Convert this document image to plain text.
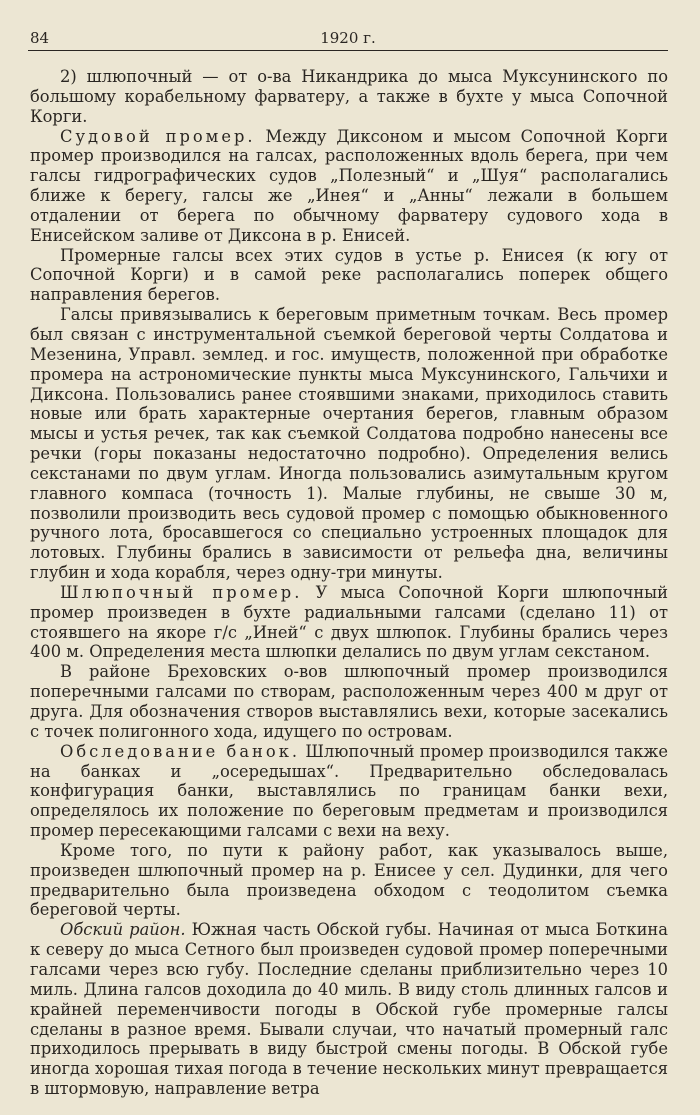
84	1920 г.

2) шлюпочный — от о-ва Никандрика до мыса Муксунинского по большому корабельному фарватеру, а также в бухте у мыса Сопочной Корги.

Судовой промер. Между Диксоном и мысом Сопочной Корги промер производился на галсах, расположенных вдоль берега, при чем галсы гидрографических судов „Полезный“ и „Шуя“ располагались ближе к берегу, галсы же „Инея“ и „Анны“ лежали в большем отдалении от берега по обычному фарватеру судового хода в Енисейском заливе от Диксона в р. Енисей.

Промерные галсы всех этих судов в устье р. Енисея (к югу от Сопочной Корги) и в самой реке располагались поперек общего направления берегов.

Галсы привязывались к береговым приметным точкам. Весь промер был связан с инструментальной съемкой береговой черты Солдатова и Мезенина, Управл. землед. и гос. имуществ, положенной при обработке промера на астрономические пункты мыса Муксунинского, Гальчихи и Диксона. Пользовались ранее стоявшими знаками, приходилось ставить новые или брать характерные очертания берегов, главным образом мысы и устья речек, так как съемкой Солдатова подробно нанесены все речки (горы показаны недостаточно подробно). Определения велись секстанами по двум углам. Иногда пользовались азимутальным кругом главного компаса (точность 1). Малые глубины, не свыше 30 м, позволили производить весь судовой промер с помощью обыкновенного ручного лота, бросавшегося со специально устроенных площадок для лотовых. Глубины брались в зависимости от рельефа дна, величины глубин и хода корабля, через одну-три минуты.

Шлюпочный промер. У мыса Сопочной Корги шлюпочный промер произведен в бухте радиальными галсами (сделано 11) от стоявшего на якоре г/с „Иней“ с двух шлюпок. Глубины брались через 400 м. Определения места шлюпки делались по двум углам секстаном.

В районе Бреховских о-вов шлюпочный промер производился поперечными галсами по створам, расположенным через 400 м друг от друга. Для обозначения створов выставлялись вехи, которые засекались с точек полигонного хода, идущего по островам.

Обследование банок. Шлюпочный промер производился также на банках и „осередышах“. Предварительно обследовалась конфигурация банки, выставлялись по границам банки вехи, определялось их положение по береговым предметам и производился промер пересекающими галсами с вехи на веху.

Кроме того, по пути к району работ, как указывалось выше, произведен шлюпочный промер на р. Енисее у сел. Дудинки, для чего предварительно была произведена обходом с теодолитом съемка береговой черты.

Обский район. Южная часть Обской губы. Начиная от мыса Боткина к северу до мыса Сетного был произведен судовой промер поперечными галсами через всю губу. Последние сделаны приблизительно через 10 миль. Длина галсов доходила до 40 миль. В виду столь длинных галсов и крайней переменчивости погоды в Обской губе промерные галсы сделаны в разное время. Бывали случаи, что начатый промерный галс приходилось прерывать в виду быстрой смены погоды. В Обской губе иногда хорошая тихая погода в течение нескольких минут превращается в штормовую, направление ветра
